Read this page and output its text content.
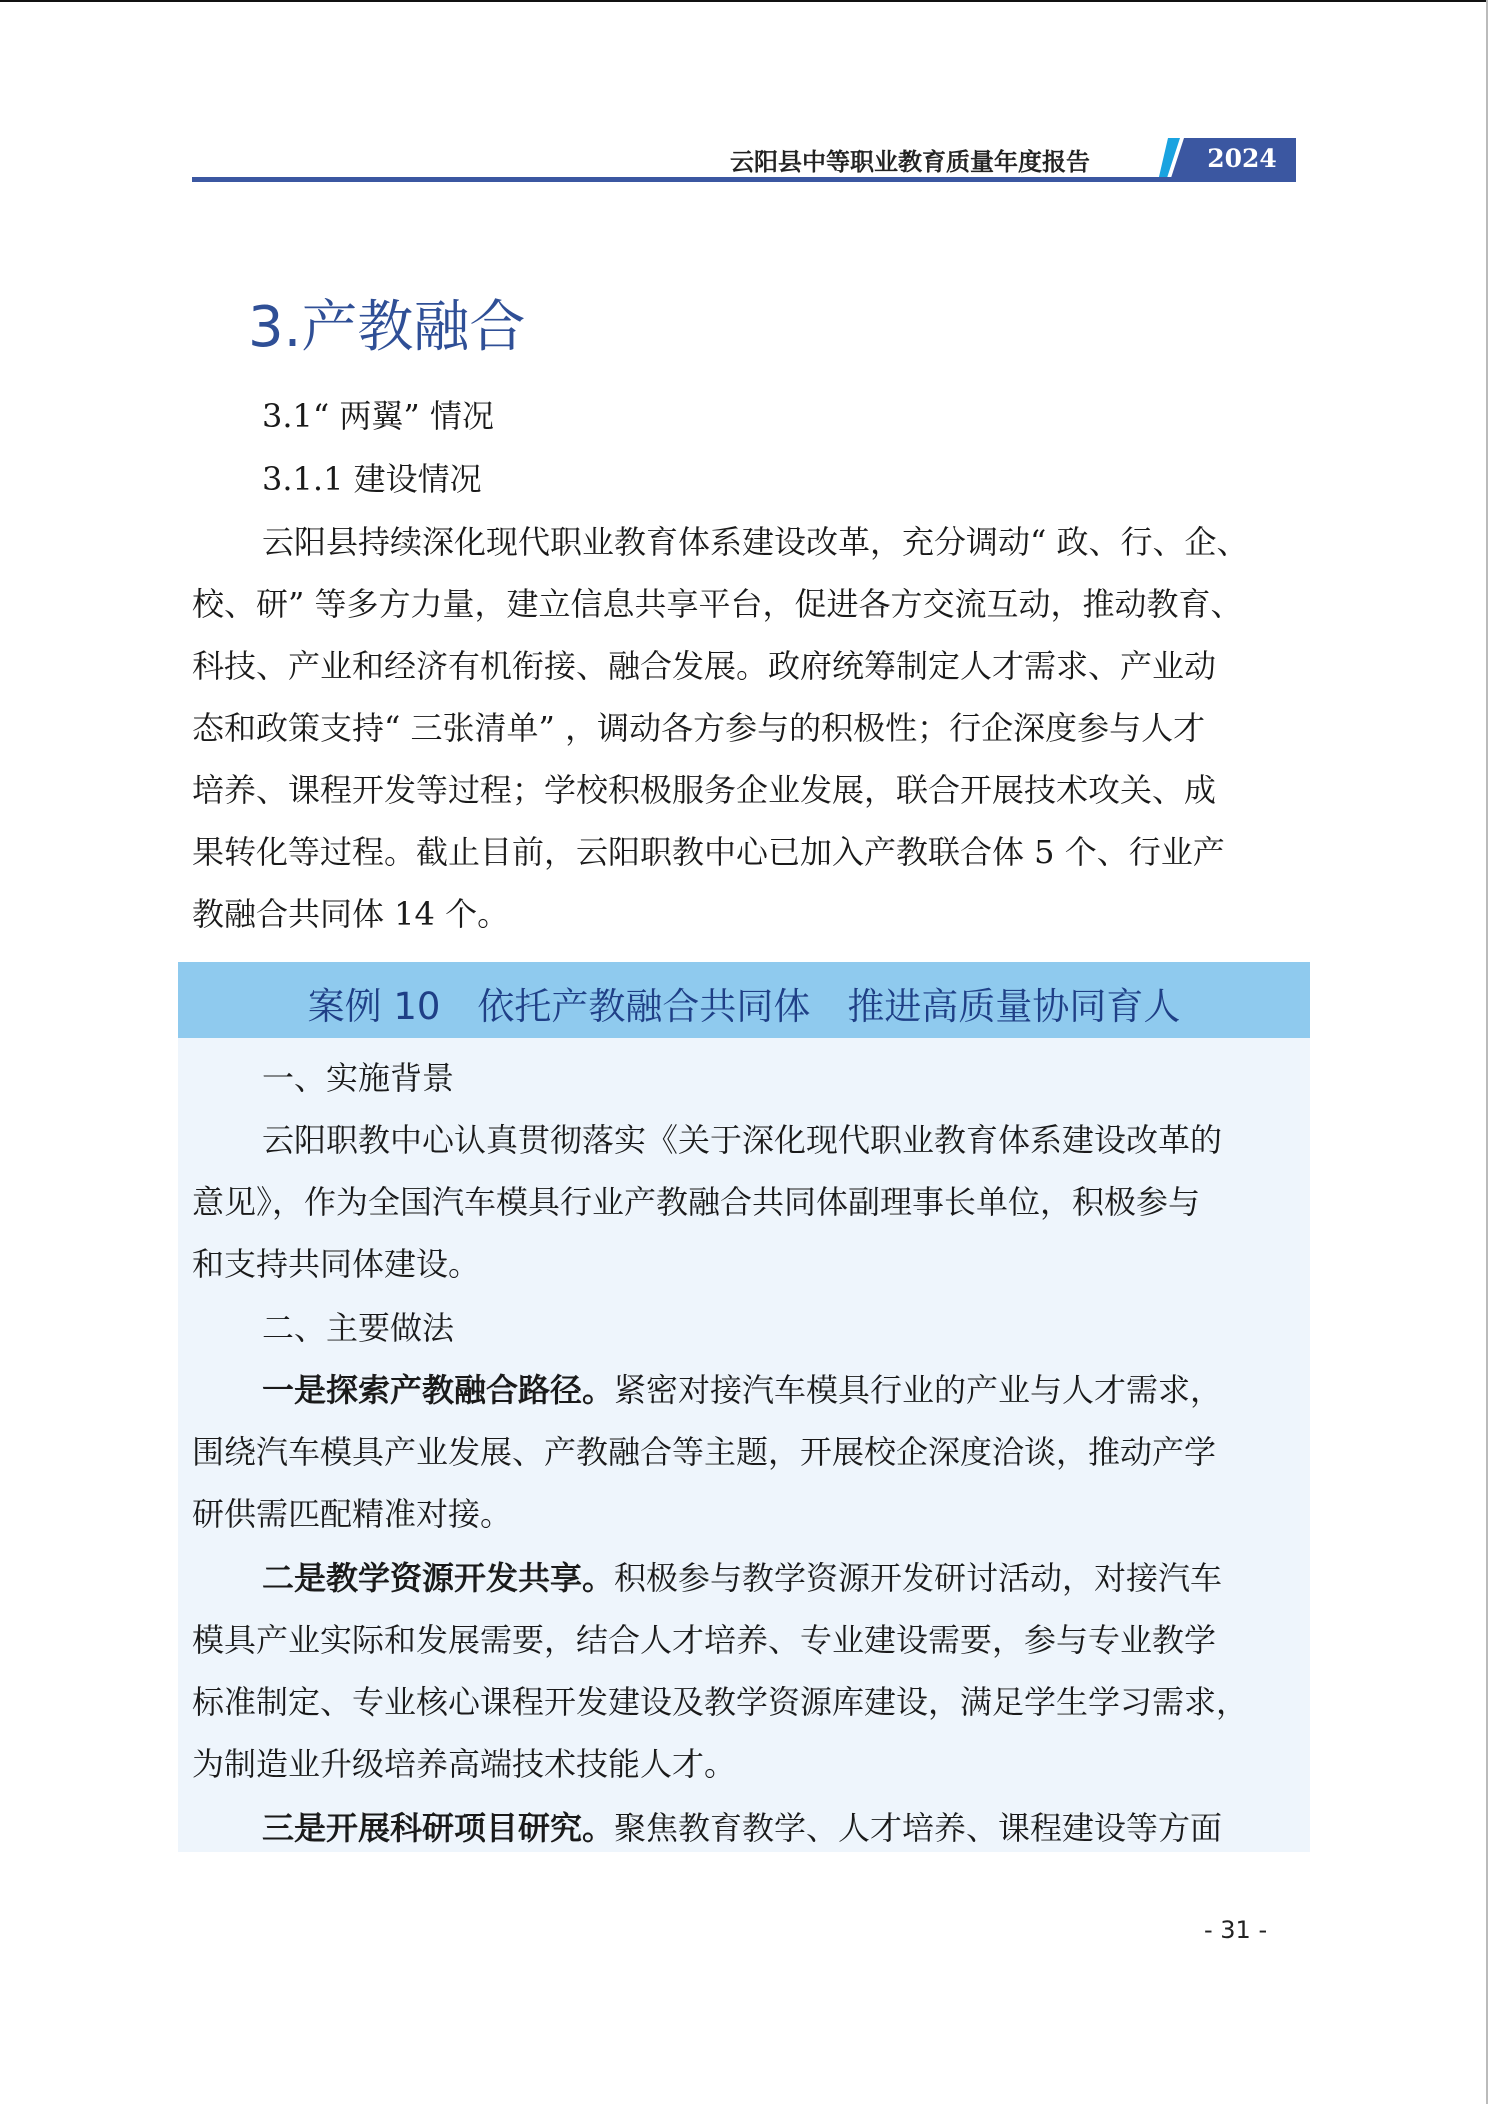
云阳县中等职业教育质量年度报告	2024
3.产教融合
3.1“ 两翼” 情况
3.1.1 建设情况
云阳县持续深化现代职业教育体系建设改革，充分调动“ 政、行、企、
校、研” 等多方力量，建立信息共享平台，促进各方交流互动，推动教育、
科技、产业和经济有机衔接、融合发展。政府统筹制定人才需求、产业动
态和政策支持“ 三张清单” ，调动各方参与的积极性；行企深度参与人才
培养、课程开发等过程；学校积极服务企业发展，联合开展技术攻关、成
果转化等过程。截止目前，云阳职教中心已加入产教联合体 5 个、行业产
教融合共同体 14 个。
案例 10　依托产教融合共同体　推进高质量协同育人
一、实施背景
云阳职教中心认真贯彻落实《关于深化现代职业教育体系建设改革的
意见》，作为全国汽车模具行业产教融合共同体副理事长单位，积极参与
和支持共同体建设。
二、主要做法
一是探索产教融合路径。紧密对接汽车模具行业的产业与人才需求，
围绕汽车模具产业发展、产教融合等主题，开展校企深度洽谈，推动产学
研供需匹配精准对接。
二是教学资源开发共享。积极参与教学资源开发研讨活动，对接汽车
模具产业实际和发展需要，结合人才培养、专业建设需要，参与专业教学
标准制定、专业核心课程开发建设及教学资源库建设，满足学生学习需求，
为制造业升级培养高端技术技能人才。
三是开展科研项目研究。聚焦教育教学、人才培养、课程建设等方面
- 31 -
